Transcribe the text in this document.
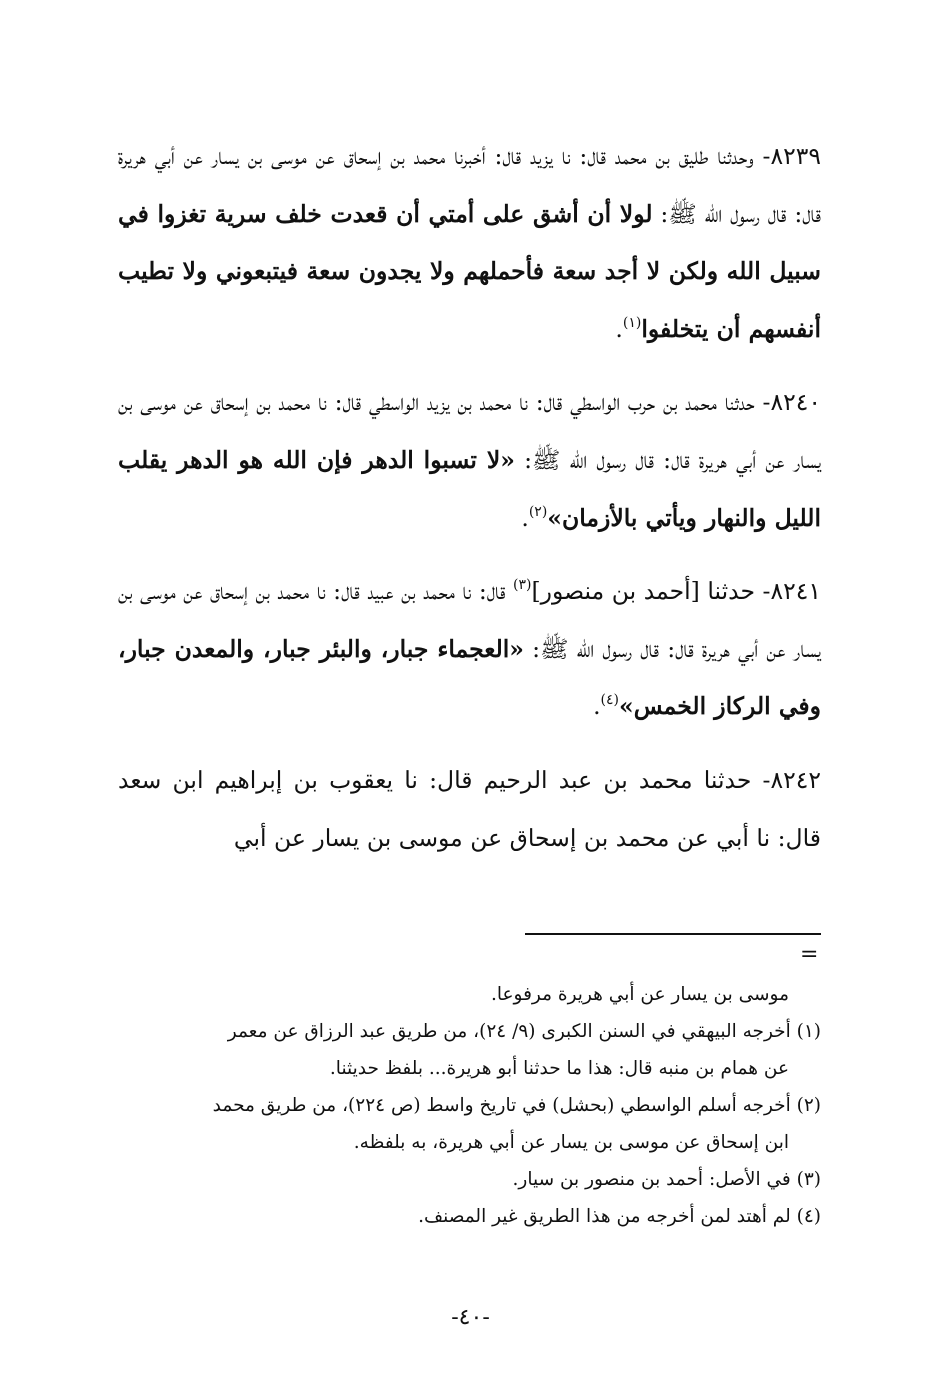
٨٢٣٩- وحدثنا طليق بن محمد قال: نا يزيد قال: أخبرنا محمد بن إسحاق عن موسى بن يسار عن أبي هريرة قال: قال رسول الله ﷺ: لولا أن أشق على أمتي أن قعدت خلف سرية تغزوا في سبيل الله ولكن لا أجد سعة فأحملهم ولا يجدون سعة فيتبعوني ولا تطيب أنفسهم أن يتخلفوا$^{(١)}$.

٨٢٤٠- حدثنا محمد بن حرب الواسطي قال: نا محمد بن يزيد الواسطي قال: نا محمد بن إسحاق عن موسى بن يسار عن أبي هريرة قال: قال رسول الله ﷺ: «لا تسبوا الدهر فإن الله هو الدهر يقلب الليل والنهار ويأتي بالأزمان»$^{(٢)}$.

٨٢٤١- حدثنا [أحمد بن منصور]$^{(٣)}$ قال: نا محمد بن عبيد قال: نا محمد بن إسحاق عن موسى بن يسار عن أبي هريرة قال: قال رسول الله ﷺ: «العجماء جبار، والبئر جبار، والمعدن جبار، وفي الركاز الخمس»$^{(٤)}$.

٨٢٤٢- حدثنا محمد بن عبد الرحيم قال: نا يعقوب بن إبراهيم ابن سعد قال: نا أبي عن محمد بن إسحاق عن موسى بن يسار عن أبي

=

موسى بن يسار عن أبي هريرة مرفوعا.

(١) أخرجه البيهقي في السنن الكبرى (٩/ ٢٤)، من طريق عبد الرزاق عن معمر

عن همام بن منبه قال: هذا ما حدثنا أبو هريرة... بلفظ حديثنا.

(٢) أخرجه أسلم الواسطي (بحشل) في تاريخ واسط (ص ٢٢٤)، من طريق محمد

ابن إسحاق عن موسى بن يسار عن أبي هريرة، به بلفظه.

(٣) في الأصل: أحمد بن منصور بن سيار.

(٤) لم أهتد لمن أخرجه من هذا الطريق غير المصنف.

-٤٠-
